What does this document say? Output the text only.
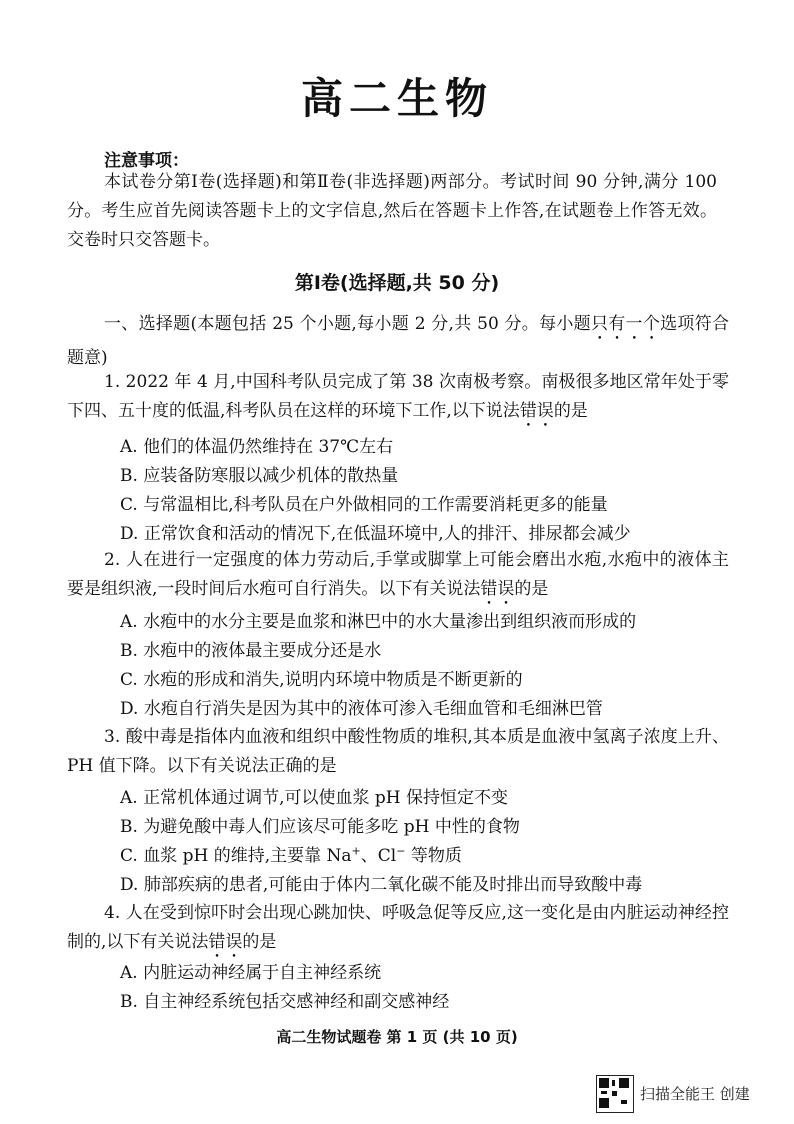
高二生物
注意事项：
本试卷分第Ⅰ卷(选择题)和第Ⅱ卷(非选择题)两部分。考试时间 90 分钟,满分 100 分。考生应首先阅读答题卡上的文字信息,然后在答题卡上作答,在试题卷上作答无效。交卷时只交答题卡。
第Ⅰ卷(选择题,共 50 分)
一、选择题(本题包括 25 个小题,每小题 2 分,共 50 分。每小题只有一个选项符合题意)
1. 2022 年 4 月,中国科考队员完成了第 38 次南极考察。南极很多地区常年处于零下四、五十度的低温,科考队员在这样的环境下工作,以下说法错误的是
A. 他们的体温仍然维持在 37℃左右
B. 应装备防寒服以减少机体的散热量
C. 与常温相比,科考队员在户外做相同的工作需要消耗更多的能量
D. 正常饮食和活动的情况下,在低温环境中,人的排汗、排尿都会减少
2. 人在进行一定强度的体力劳动后,手掌或脚掌上可能会磨出水疱,水疱中的液体主要是组织液,一段时间后水疱可自行消失。以下有关说法错误的是
A. 水疱中的水分主要是血浆和淋巴中的水大量渗出到组织液而形成的
B. 水疱中的液体最主要成分还是水
C. 水疱的形成和消失,说明内环境中物质是不断更新的
D. 水疱自行消失是因为其中的液体可渗入毛细血管和毛细淋巴管
3. 酸中毒是指体内血液和组织中酸性物质的堆积,其本质是血液中氢离子浓度上升、PH 值下降。以下有关说法正确的是
A. 正常机体通过调节,可以使血浆 pH 保持恒定不变
B. 为避免酸中毒人们应该尽可能多吃 pH 中性的食物
C. 血浆 pH 的维持,主要靠 Na+、Cl− 等物质
D. 肺部疾病的患者,可能由于体内二氧化碳不能及时排出而导致酸中毒
4. 人在受到惊吓时会出现心跳加快、呼吸急促等反应,这一变化是由内脏运动神经控制的,以下有关说法错误的是
A. 内脏运动神经属于自主神经系统
B. 自主神经系统包括交感神经和副交感神经
高二生物试题卷 第 1 页 (共 10 页)
扫描全能王 创建
